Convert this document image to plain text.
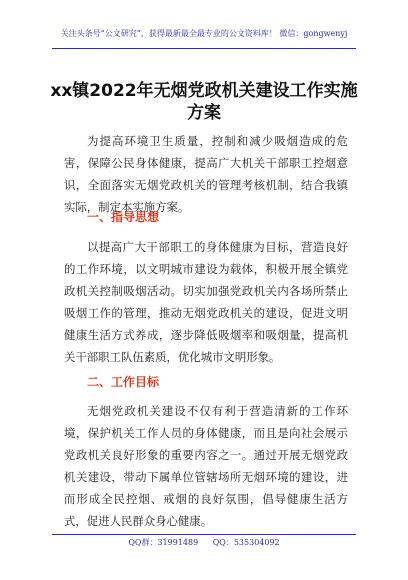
关注头条号“公文研究”，获得最新最全最专业的公文资料库！ 微信：gongwenyj
xx镇2022年无烟党政机关建设工作实施方案

为提高环境卫生质量，控制和减少吸烟造成的危害，保障公民身体健康，提高广大机关干部职工控烟意识，全面落实无烟党政机关的管理考核机制，结合我镇实际，制定本实施方案。

一、指导思想

以提高广大干部职工的身体健康为目标，营造良好的工作环境，以文明城市建设为载体，积极开展全镇党政机关控制吸烟活动。切实加强党政机关内各场所禁止吸烟工作的管理，推动无烟党政机关的建设，促进文明健康生活方式养成，逐步降低吸烟率和吸烟量，提高机关干部职工队伍素质，优化城市文明形象。

二、工作目标

无烟党政机关建设不仅有利于营造清新的工作环境，保护机关工作人员的身体健康，而且是向社会展示党政机关良好形象的重要内容之一。通过开展无烟党政机关建设，带动下属单位管辖场所无烟环境的建设，进而形成全民控烟、戒烟的良好氛围，倡导健康生活方式，促进人民群众身心健康。

QQ群：31991489 QQ：535304092
